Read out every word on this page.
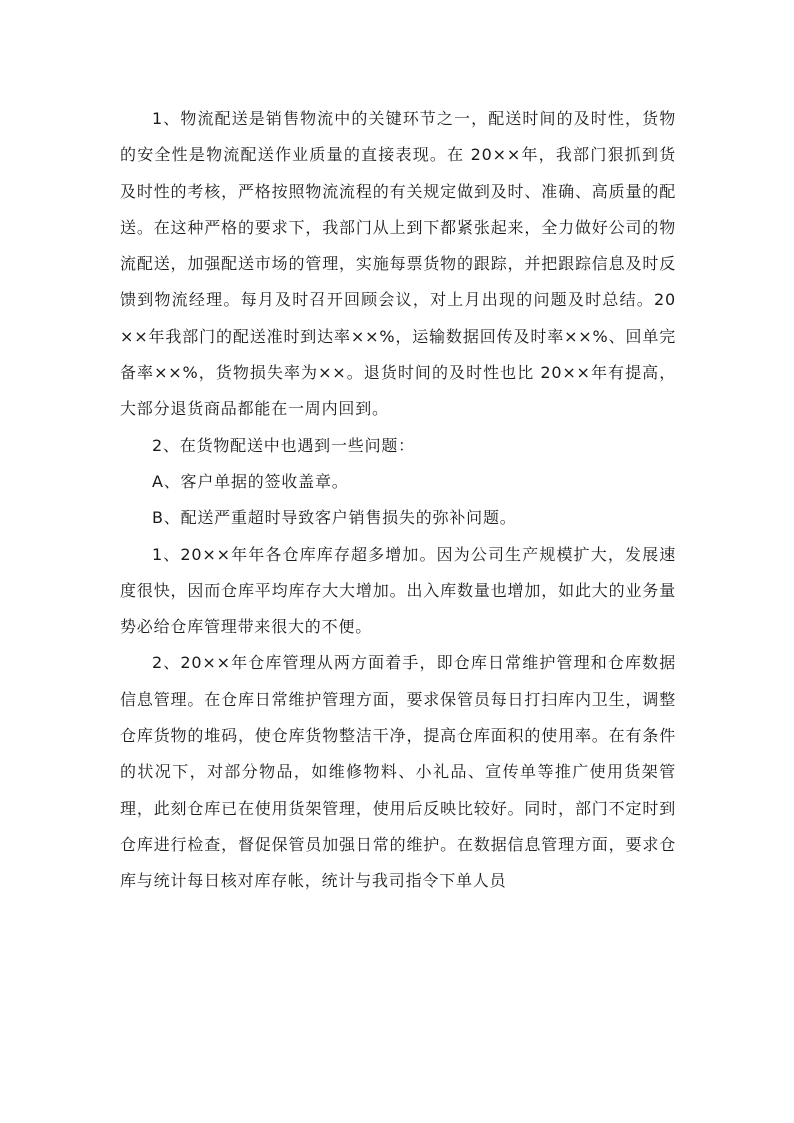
1、物流配送是销售物流中的关键环节之一，配送时间的及时性，货物的安全性是物流配送作业质量的直接表现。在 20××年，我部门狠抓到货及时性的考核，严格按照物流流程的有关规定做到及时、准确、高质量的配送。在这种严格的要求下，我部门从上到下都紧张起来，全力做好公司的物流配送，加强配送市场的管理，实施每票货物的跟踪，并把跟踪信息及时反馈到物流经理。每月及时召开回顾会议，对上月出现的问题及时总结。20××年我部门的配送准时到达率××%，运输数据回传及时率××%、回单完备率××%，货物损失率为××。退货时间的及时性也比 20××年有提高，大部分退货商品都能在一周内回到。

2、在货物配送中也遇到一些问题：

A、客户单据的签收盖章。

B、配送严重超时导致客户销售损失的弥补问题。

1、20××年年各仓库库存超多增加。因为公司生产规模扩大，发展速度很快，因而仓库平均库存大大增加。出入库数量也增加，如此大的业务量势必给仓库管理带来很大的不便。

2、20××年仓库管理从两方面着手，即仓库日常维护管理和仓库数据信息管理。在仓库日常维护管理方面，要求保管员每日打扫库内卫生，调整仓库货物的堆码，使仓库货物整洁干净，提高仓库面积的使用率。在有条件的状况下，对部分物品，如维修物料、小礼品、宣传单等推广使用货架管理，此刻仓库已在使用货架管理，使用后反映比较好。同时，部门不定时到仓库进行检查，督促保管员加强日常的维护。在数据信息管理方面，要求仓库与统计每日核对库存帐，统计与我司指令下单人员
